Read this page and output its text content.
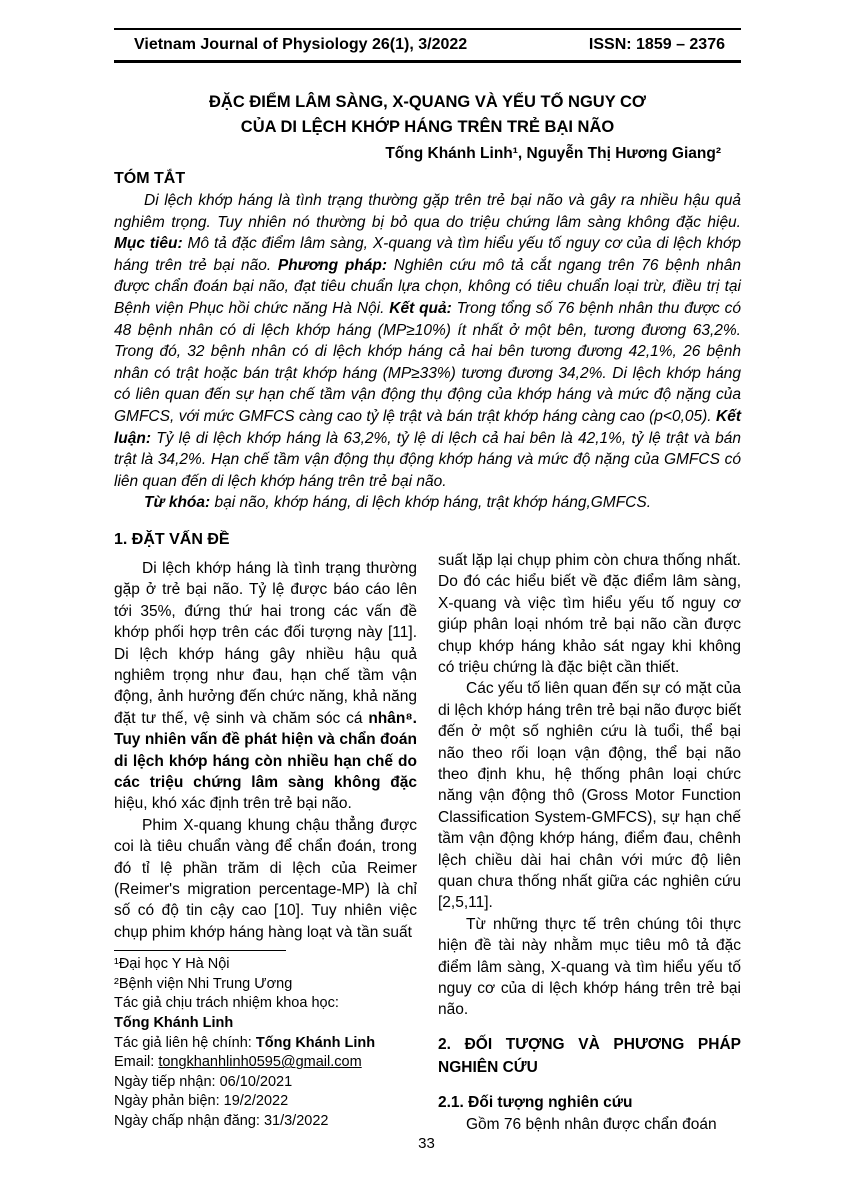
Vietnam Journal of Physiology 26(1), 3/2022	ISSN: 1859 – 2376
ĐẶC ĐIỂM LÂM SÀNG, X-QUANG VÀ YẾU TỐ NGUY CƠ
CỦA DI LỆCH KHỚP HÁNG TRÊN TRẺ BẠI NÃO
Tống Khánh Linh¹, Nguyễn Thị Hương Giang²
TÓM TẮT

Di lệch khớp háng là tình trạng thường gặp trên trẻ bại não và gây ra nhiều hậu quả nghiêm trọng. Tuy nhiên nó thường bị bỏ qua do triệu chứng lâm sàng không đặc hiệu. Mục tiêu: Mô tả đặc điểm lâm sàng, X-quang và tìm hiểu yếu tố nguy cơ của di lệch khớp háng trên trẻ bại não. Phương pháp: Nghiên cứu mô tả cắt ngang trên 76 bệnh nhân được chẩn đoán bại não, đạt tiêu chuẩn lựa chọn, không có tiêu chuẩn loại trừ, điều trị tại Bệnh viện Phục hồi chức năng Hà Nội. Kết quả: Trong tổng số 76 bệnh nhân thu được có 48 bệnh nhân có di lệch khớp háng (MP≥10%) ít nhất ở một bên, tương đương 63,2%. Trong đó, 32 bệnh nhân có di lệch khớp háng cả hai bên tương đương 42,1%, 26 bệnh nhân có trật hoặc bán trật khớp háng (MP≥33%) tương đương 34,2%. Di lệch khớp háng có liên quan đến sự hạn chế tầm vận động thụ động của khớp háng và mức độ nặng của GMFCS, với mức GMFCS càng cao tỷ lệ trật và bán trật khớp háng càng cao (p<0,05). Kết luận: Tỷ lệ di lệch khớp háng là 63,2%, tỷ lệ di lệch cả hai bên là 42,1%, tỷ lệ trật và bán trật là 34,2%. Hạn chế tầm vận động thụ động khớp háng và mức độ nặng của GMFCS có liên quan đến di lệch khớp háng trên trẻ bại não.

Từ khóa: bại não, khớp háng, di lệch khớp háng, trật khớp háng,GMFCS.

1. ĐẶT VẤN ĐỀ

Di lệch khớp háng là tình trạng thường gặp ở trẻ bại não. Tỷ lệ được báo cáo lên tới 35%, đứng thứ hai trong các vấn đề khớp phối hợp trên các đối tượng này [11]. Di lệch khớp háng gây nhiều hậu quả nghiêm trọng như đau, hạn chế tầm vận động, ảnh hưởng đến chức năng, khả năng đặt tư thế, vệ sinh và chăm sóc cá nhân⁸. Tuy nhiên vấn đề phát hiện và chẩn đoán di lệch khớp háng còn nhiều hạn chế do các triệu chứng lâm sàng không đặc hiệu, khó xác định trên trẻ bại não.

Phim X-quang khung chậu thẳng được coi là tiêu chuẩn vàng để chẩn đoán, trong đó tỉ lệ phần trăm di lệch của Reimer (Reimer's migration percentage-MP) là chỉ số có độ tin cậy cao [10]. Tuy nhiên việc chụp phim khớp háng hàng loạt và tần suất

¹Đại học Y Hà Nội
²Bệnh viện Nhi Trung Ương
Tác giả chịu trách nhiệm khoa học:
Tống Khánh Linh
Tác giả liên hệ chính: Tống Khánh Linh
Email: tongkhanhlinh0595@gmail.com
Ngày tiếp nhận: 06/10/2021
Ngày phản biện: 19/2/2022
Ngày chấp nhận đăng: 31/3/2022

suất lặp lại chụp phim còn chưa thống nhất. Do đó các hiểu biết về đặc điểm lâm sàng, X-quang và việc tìm hiểu yếu tố nguy cơ giúp phân loại nhóm trẻ bại não cần được chụp khớp háng khảo sát ngay khi không có triệu chứng là đặc biệt cần thiết.

Các yếu tố liên quan đến sự có mặt của di lệch khớp háng trên trẻ bại não được biết đến ở một số nghiên cứu là tuổi, thể bại não theo rối loạn vận động, thể bại não theo định khu, hệ thống phân loại chức năng vận động thô (Gross Motor Function Classification System-GMFCS), sự hạn chế tầm vận động khớp háng, điểm đau, chênh lệch chiều dài hai chân với mức độ liên quan chưa thống nhất giữa các nghiên cứu [2,5,11].

Từ những thực tế trên chúng tôi thực hiện đề tài này nhằm mục tiêu mô tả đặc điểm lâm sàng, X-quang và tìm hiểu yếu tố nguy cơ của di lệch khớp háng trên trẻ bại não.

2. ĐỐI TƯỢNG VÀ PHƯƠNG PHÁP NGHIÊN CỨU
2.1. Đối tượng nghiên cứu

Gồm 76 bệnh nhân được chẩn đoán

33
